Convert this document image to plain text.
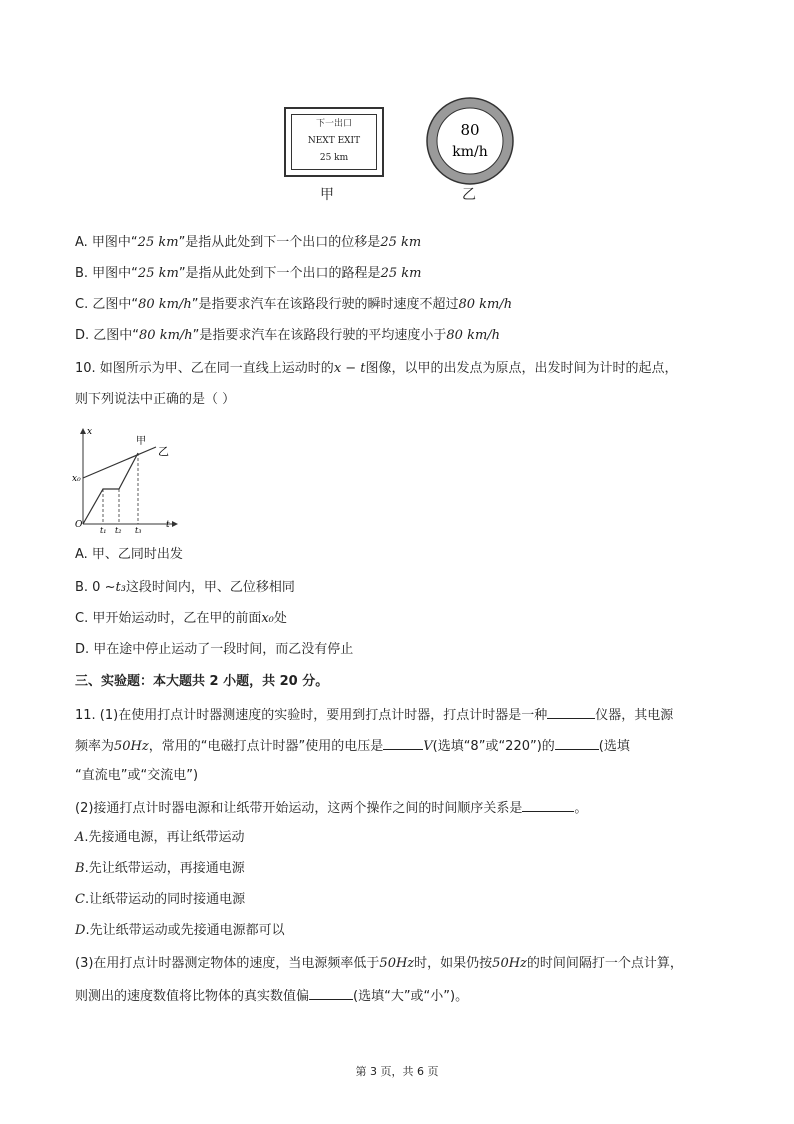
下一出口
NEXT EXIT
25 km
甲
80
km/h
乙
A. 甲图中“25 km”是指从此处到下一个出口的位移是25 km
B. 甲图中“25 km”是指从此处到下一个出口的路程是25 km
C. 乙图中“80 km/h”是指要求汽车在该路段行驶的瞬时速度不超过80 km/h
D. 乙图中“80 km/h”是指要求汽车在该路段行驶的平均速度小于80 km/h
10. 如图所示为甲、乙在同一直线上运动时的x − t图像，以甲的出发点为原点，出发时间为计时的起点，
则下列说法中正确的是（ ）
x
t
O
x₀
t₁ t₂ t₃
甲
乙
A. 甲、乙同时出发
B. 0 ~t₃这段时间内，甲、乙位移相同
C. 甲开始运动时，乙在甲的前面x₀处
D. 甲在途中停止运动了一段时间，而乙没有停止
三、实验题：本大题共 2 小题，共 20 分。
11. (1)在使用打点计时器测速度的实验时，要用到打点计时器，打点计时器是一种	仪器，其电源
频率为50Hz，常用的“电磁打点计时器”使用的电压是	V(选填“8”或“220”)的	(选填
“直流电”或“交流电”)
(2)接通打点计时器电源和让纸带开始运动，这两个操作之间的时间顺序关系是	。
A.先接通电源，再让纸带运动
B.先让纸带运动，再接通电源
C.让纸带运动的同时接通电源
D.先让纸带运动或先接通电源都可以
(3)在用打点计时器测定物体的速度，当电源频率低于50Hz时，如果仍按50Hz的时间间隔打一个点计算，
则测出的速度数值将比物体的真实数值偏	(选填“大”或“小”)。
第 3 页，共 6 页
